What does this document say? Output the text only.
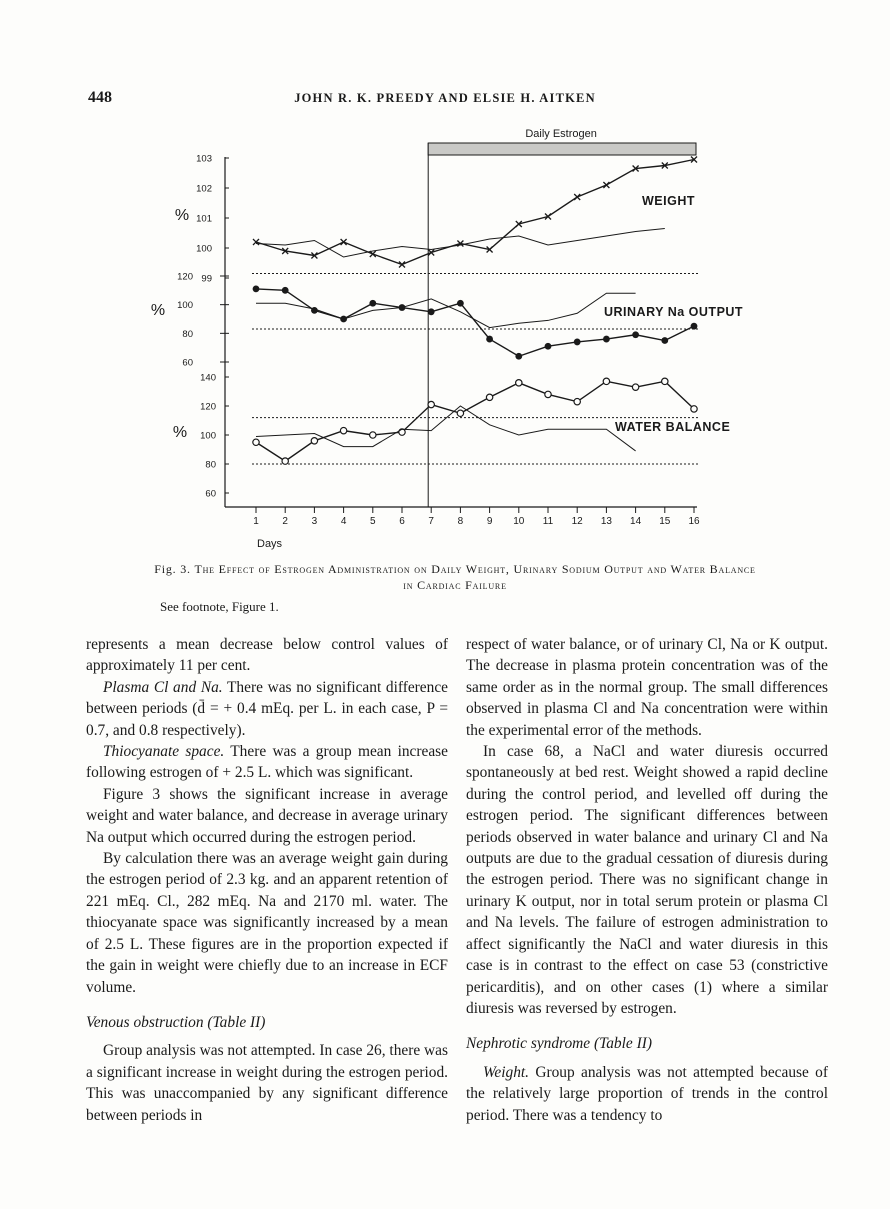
448	JOHN R. K. PREEDY AND ELSIE H. AITKEN
1 2 3 4 5 6 7 8 9 10 11 12 13 14 15 16
Days
Daily Estrogen
99
100
101
102
103
%
WEIGHT
60
80
100
120
%	URINARY Na OUTPUT
60
80
100
120
140
%	WATER BALANCE
Fig. 3. The Effect of Estrogen Administration on Daily Weight, Urinary Sodium Output and Water Balance in Cardiac Failure
See footnote, Figure 1.

represents a mean decrease below control values of approximately 11 per cent.

Plasma Cl and Na. There was no significant difference between periods (d̄ = + 0.4 mEq. per L. in each case, P = 0.7, and 0.8 respectively).

Thiocyanate space. There was a group mean increase following estrogen of + 2.5 L. which was significant.

Figure 3 shows the significant increase in average weight and water balance, and decrease in average urinary Na output which occurred during the estrogen period.

By calculation there was an average weight gain during the estrogen period of 2.3 kg. and an apparent retention of 221 mEq. Cl., 282 mEq. Na and 2170 ml. water. The thiocyanate space was significantly increased by a mean of 2.5 L. These figures are in the proportion expected if the gain in weight were chiefly due to an increase in ECF volume.

Venous obstruction (Table II)

Group analysis was not attempted. In case 26, there was a significant increase in weight during the estrogen period. This was unaccompanied by any significant difference between periods in

respect of water balance, or of urinary Cl, Na or K output. The decrease in plasma protein concentration was of the same order as in the normal group. The small differences observed in plasma Cl and Na concentration were within the experimental error of the methods.

In case 68, a NaCl and water diuresis occurred spontaneously at bed rest. Weight showed a rapid decline during the control period, and levelled off during the estrogen period. The significant differences between periods observed in water balance and urinary Cl and Na outputs are due to the gradual cessation of diuresis during the estrogen period. There was no significant change in urinary K output, nor in total serum protein or plasma Cl and Na levels. The failure of estrogen administration to affect significantly the NaCl and water diuresis in this case is in contrast to the effect on case 53 (constrictive pericarditis), and on other cases (1) where a similar diuresis was reversed by estrogen.

Nephrotic syndrome (Table II)

Weight. Group analysis was not attempted because of the relatively large proportion of trends in the control period. There was a tendency to
